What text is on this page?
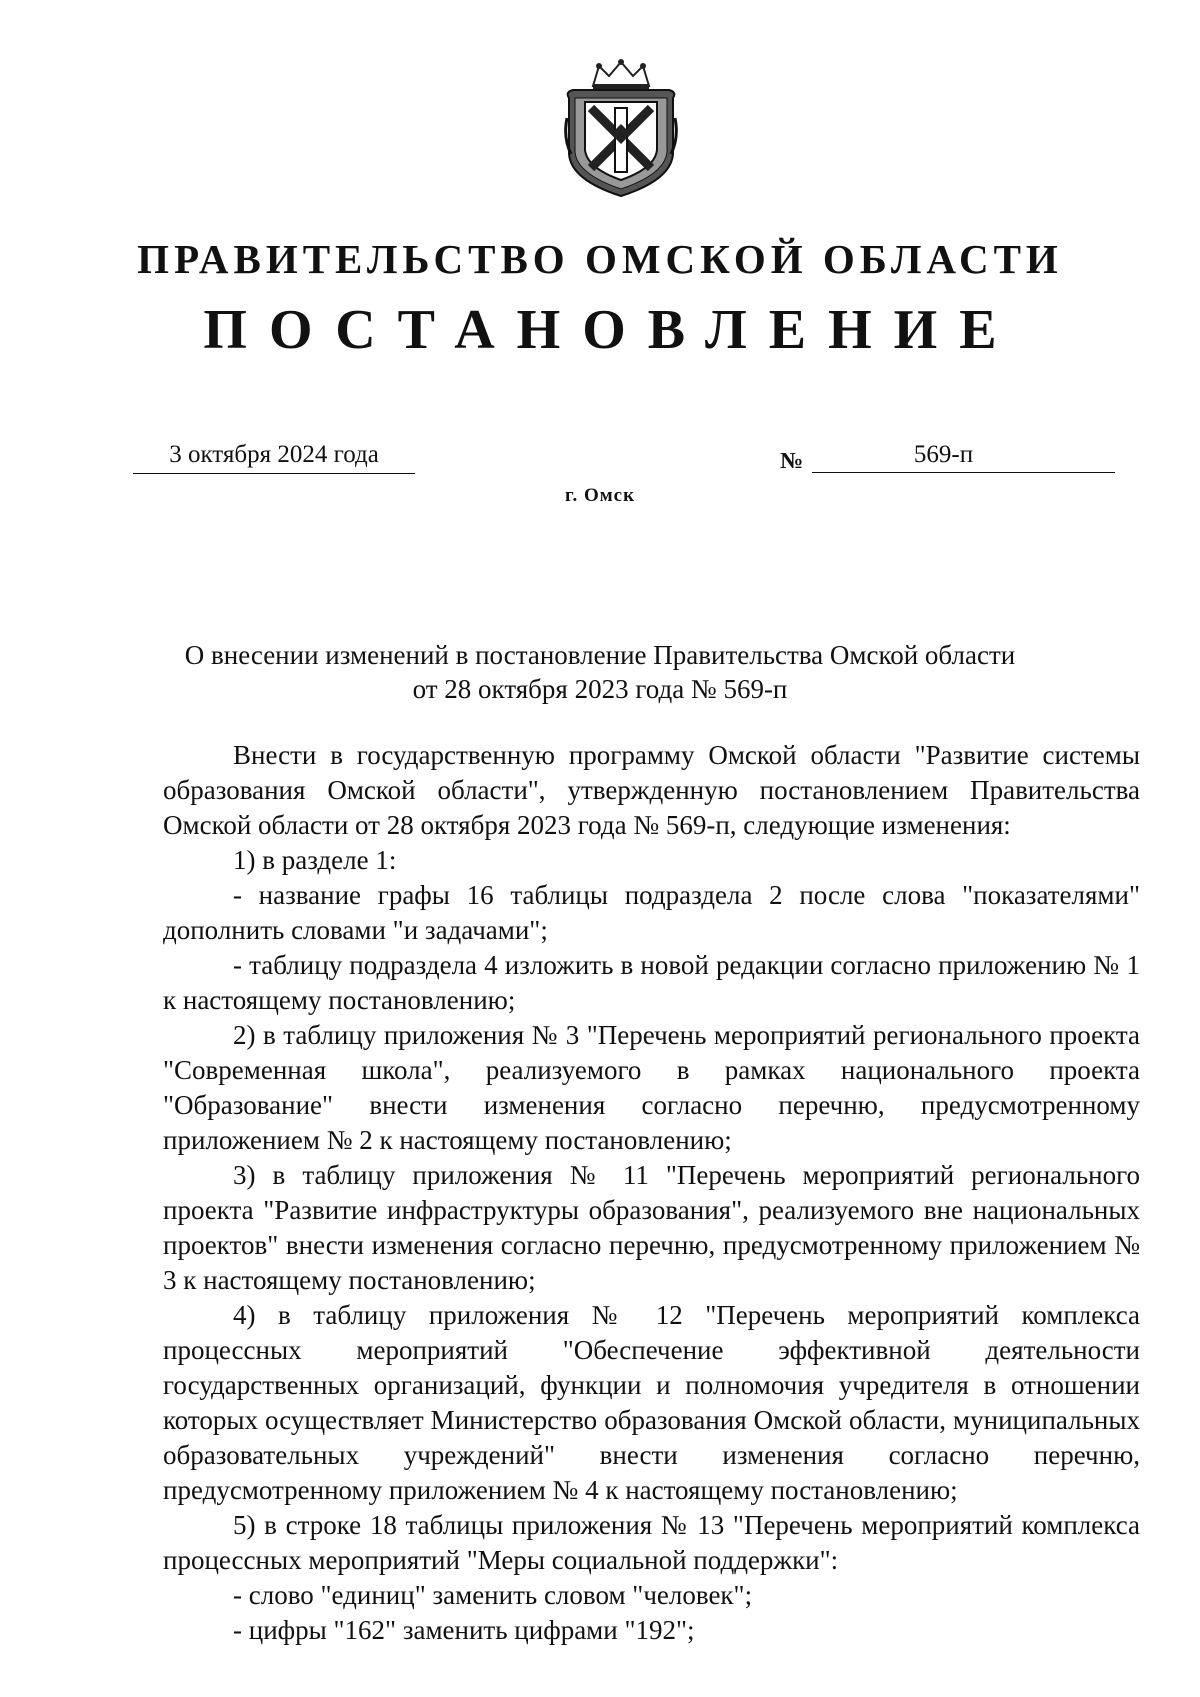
ПРАВИТЕЛЬСТВО ОМСКОЙ ОБЛАСТИ
ПОСТАНОВЛЕНИЕ
3 октября 2024 года	№	569-п
г. Омск
О внесении изменений в постановление Правительства Омской области
от 28 октября 2023 года № 569-п

Внести в государственную программу Омской области "Развитие системы образования Омской области", утвержденную постановлением Правительства Омской области от 28 октября 2023 года № 569-п, следующие изменения:

1) в разделе 1:

- название графы 16 таблицы подраздела 2 после слова "показателями" дополнить словами "и задачами";

- таблицу подраздела 4 изложить в новой редакции согласно приложению № 1 к настоящему постановлению;

2) в таблицу приложения № 3 "Перечень мероприятий регионального проекта "Современная школа", реализуемого в рамках национального проекта "Образование" внести изменения согласно перечню, предусмотренному приложением № 2 к настоящему постановлению;

3) в таблицу приложения № 11 "Перечень мероприятий регионального проекта "Развитие инфраструктуры образования", реализуемого вне национальных проектов" внести изменения согласно перечню, предусмотренному приложением № 3 к настоящему постановлению;

4) в таблицу приложения № 12 "Перечень мероприятий комплекса процессных мероприятий "Обеспечение эффективной деятельности государственных организаций, функции и полномочия учредителя в отношении которых осуществляет Министерство образования Омской области, муниципальных образовательных учреждений" внести изменения согласно перечню, предусмотренному приложением № 4 к настоящему постановлению;

5) в строке 18 таблицы приложения № 13 "Перечень мероприятий комплекса процессных мероприятий "Меры социальной поддержки":

- слово "единиц" заменить словом "человек";

- цифры "162" заменить цифрами "192";
